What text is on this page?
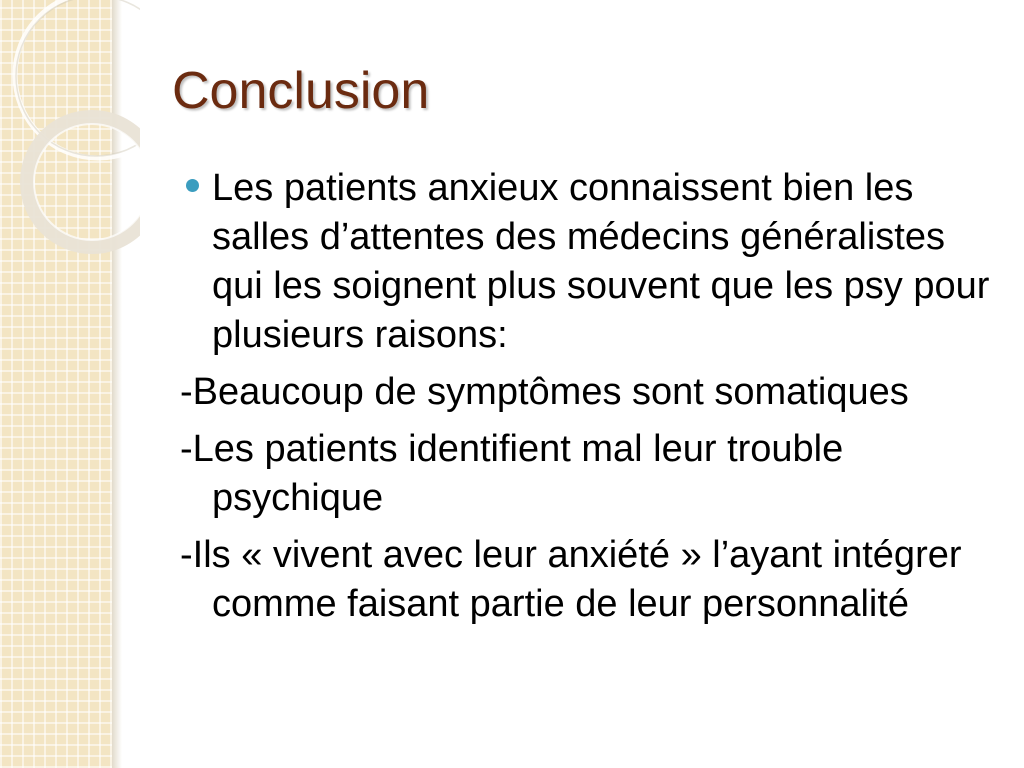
Conclusion

Les patients anxieux connaissent bien les salles d’attentes des médecins généralistes qui les soignent plus souvent que les psy pour plusieurs raisons:

-Beaucoup de symptômes sont somatiques

-Les patients identifient mal leur trouble psychique

-Ils « vivent avec leur anxiété » l’ayant intégrer comme faisant partie de leur personnalité
